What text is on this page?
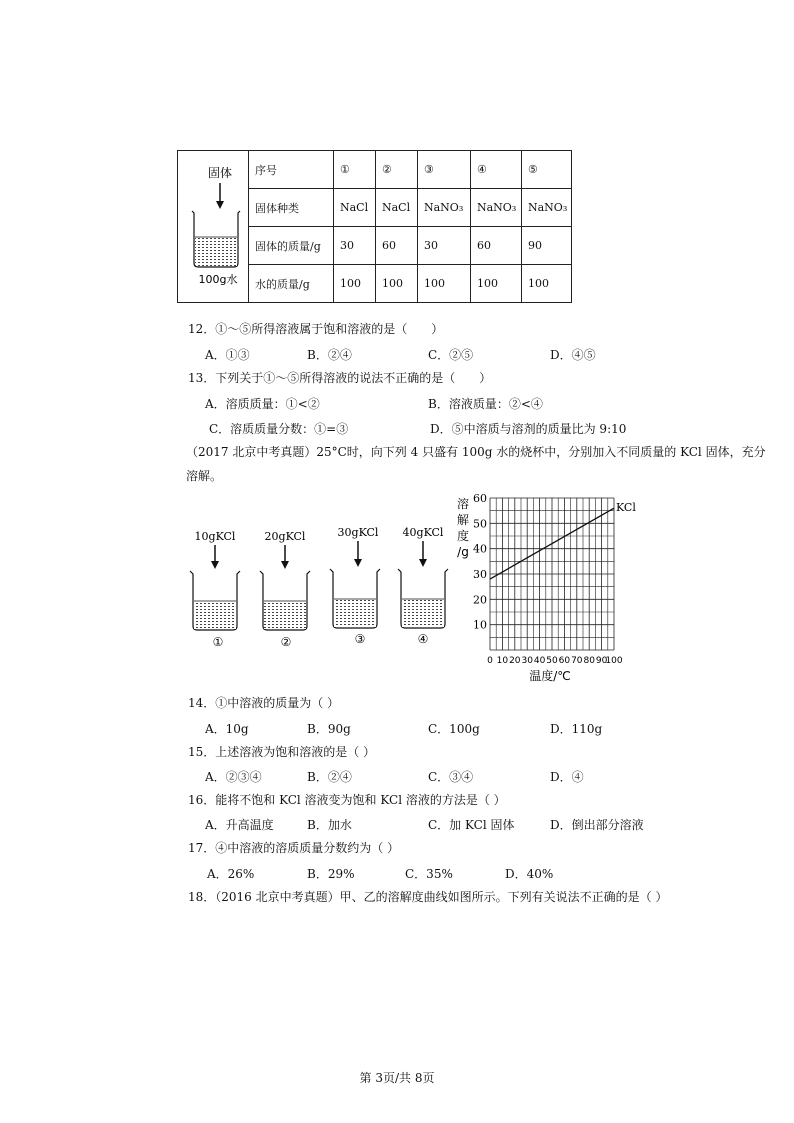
固体
100g水	序号	①	②	③	④	⑤
	固体种类	NaCl	NaCl	NaNO₃	NaNO₃	NaNO₃
	固体的质量/g	30	60	30	60	90
	水的质量/g	100	100	100	100	100
12．①～⑤所得溶液属于饱和溶液的是（　　）
A．①③	B．②④	C．②⑤	D．④⑤
13．下列关于①～⑤所得溶液的说法不正确的是（　　）
A．溶质质量：①<②	B．溶液质量：②<④
C．溶质质量分数：①=③	D．⑤中溶质与溶剂的质量比为 9:10
（2017 北京中考真题）25°C时，向下列 4 只盛有 100g 水的烧杯中，分别加入不同质量的 KCl 固体，充分
溶解。
10gKCl
①
20gKCl
②
30gKCl
③
40gKCl
④
溶
解
度
/g
10
20
30
40
50
60
0 10 20 30 40 50 60 70 80 90
100
KCl
温度/℃
14．①中溶液的质量为（ ）
A．10g	B．90g	C．100g	D．110g
15．上述溶液为饱和溶液的是（ ）
A．②③④	B．②④	C．③④	D．④
16．能将不饱和 KCl 溶液变为饱和 KCl 溶液的方法是（ ）
A．升高温度	B．加水	C．加 KCl 固体	D．倒出部分溶液
17．④中溶液的溶质质量分数约为（ ）
A．26%	B．29%	C．35%	D．40%
18．（2016 北京中考真题）甲、乙的溶解度曲线如图所示。下列有关说法不正确的是（ ）
第 3页/共 8页
